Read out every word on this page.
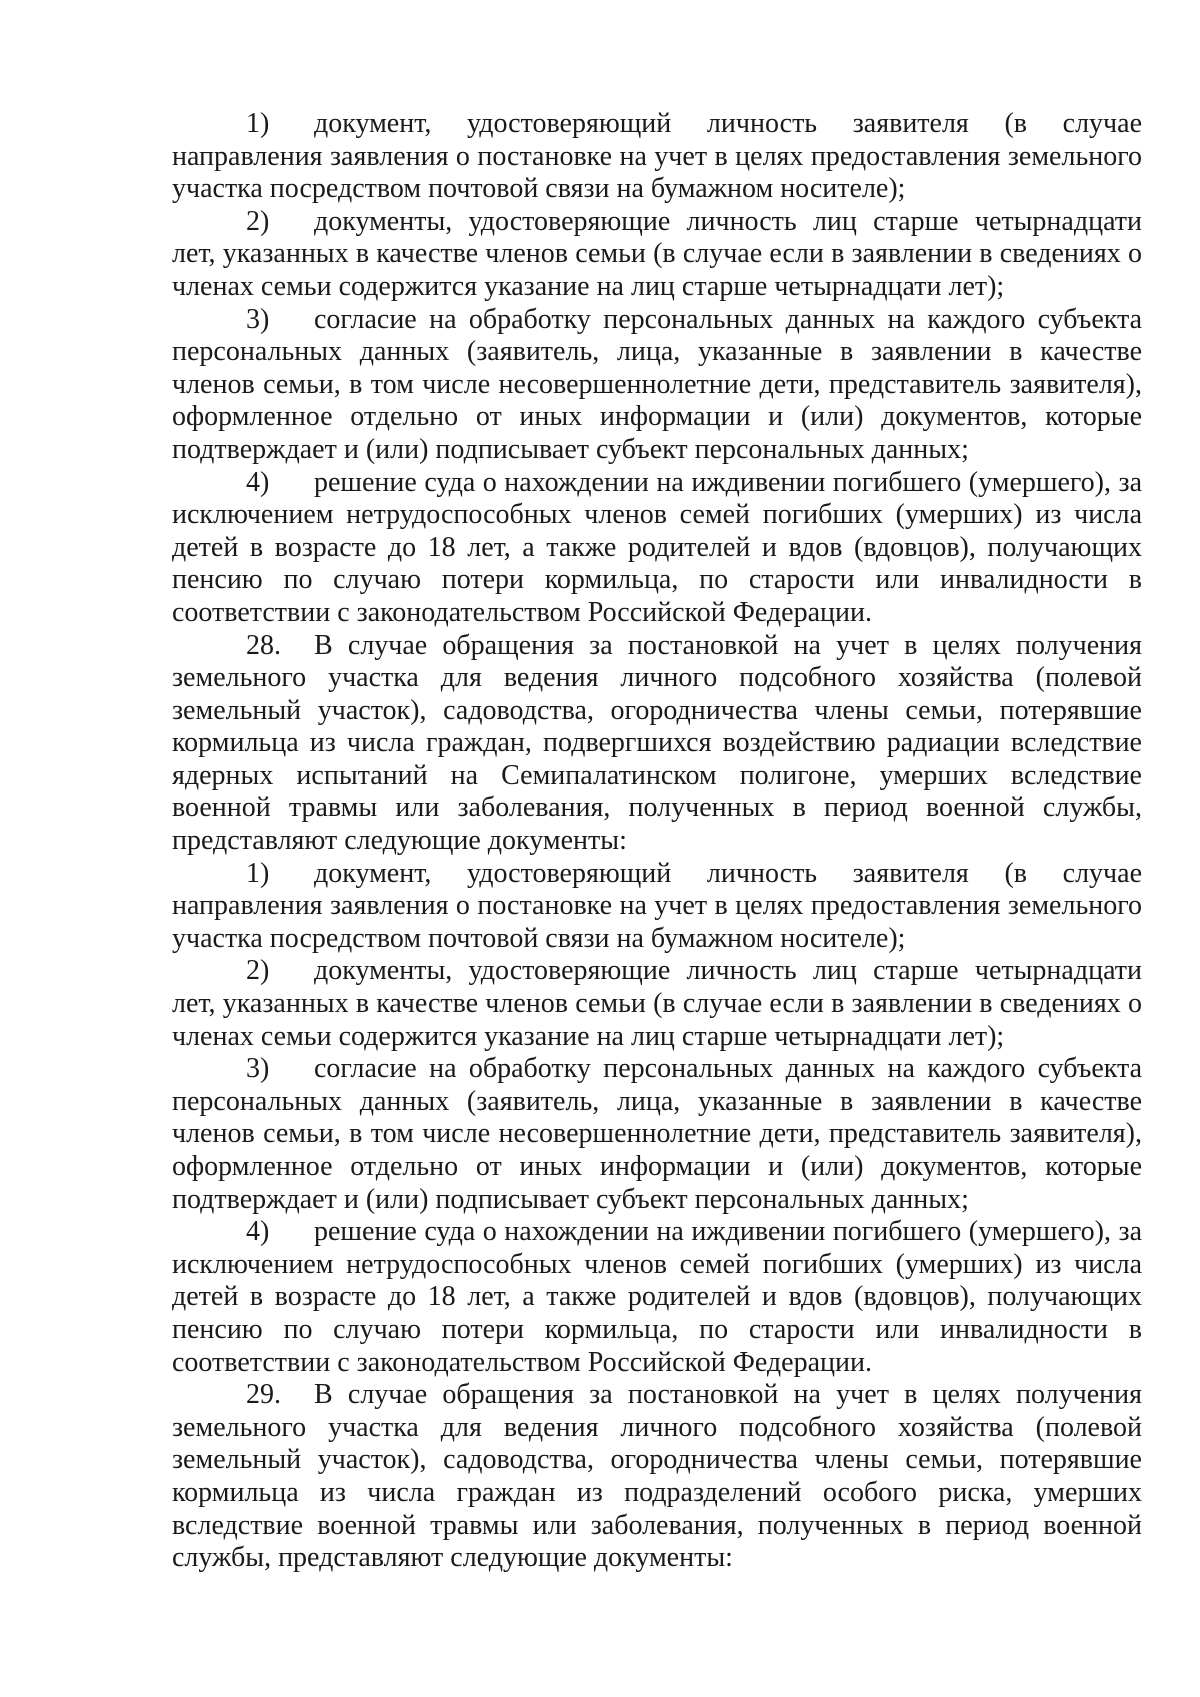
1) документ, удостоверяющий личность заявителя (в случае направления заявления о постановке на учет в целях предоставления земельного участка посредством почтовой связи на бумажном носителе);

2) документы, удостоверяющие личность лиц старше четырнадцати лет, указанных в качестве членов семьи (в случае если в заявлении в сведениях о членах семьи содержится указание на лиц старше четырнадцати лет);

3) согласие на обработку персональных данных на каждого субъекта персональных данных (заявитель, лица, указанные в заявлении в качестве членов семьи, в том числе несовершеннолетние дети, представитель заявителя), оформленное отдельно от иных информации и (или) документов, которые подтверждает и (или) подписывает субъект персональных данных;

4) решение суда о нахождении на иждивении погибшего (умершего), за исключением нетрудоспособных членов семей погибших (умерших) из числа детей в возрасте до 18 лет, а также родителей и вдов (вдовцов), получающих пенсию по случаю потери кормильца, по старости или инвалидности в соответствии с законодательством Российской Федерации.

28. В случае обращения за постановкой на учет в целях получения земельного участка для ведения личного подсобного хозяйства (полевой земельный участок), садоводства, огородничества члены семьи, потерявшие кормильца из числа граждан, подвергшихся воздействию радиации вследствие ядерных испытаний на Семипалатинском полигоне, умерших вследствие военной травмы или заболевания, полученных в период военной службы, представляют следующие документы:

1) документ, удостоверяющий личность заявителя (в случае направления заявления о постановке на учет в целях предоставления земельного участка посредством почтовой связи на бумажном носителе);

2) документы, удостоверяющие личность лиц старше четырнадцати лет, указанных в качестве членов семьи (в случае если в заявлении в сведениях о членах семьи содержится указание на лиц старше четырнадцати лет);

3) согласие на обработку персональных данных на каждого субъекта персональных данных (заявитель, лица, указанные в заявлении в качестве членов семьи, в том числе несовершеннолетние дети, представитель заявителя), оформленное отдельно от иных информации и (или) документов, которые подтверждает и (или) подписывает субъект персональных данных;

4) решение суда о нахождении на иждивении погибшего (умершего), за исключением нетрудоспособных членов семей погибших (умерших) из числа детей в возрасте до 18 лет, а также родителей и вдов (вдовцов), получающих пенсию по случаю потери кормильца, по старости или инвалидности в соответствии с законодательством Российской Федерации.

29. В случае обращения за постановкой на учет в целях получения земельного участка для ведения личного подсобного хозяйства (полевой земельный участок), садоводства, огородничества члены семьи, потерявшие кормильца из числа граждан из подразделений особого риска, умерших вследствие военной травмы или заболевания, полученных в период военной службы, представляют следующие документы:
